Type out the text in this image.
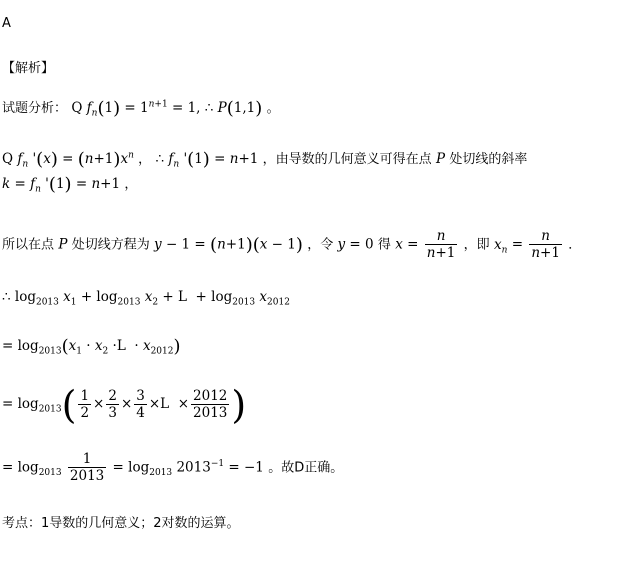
A
【解析】
试题分析： Q $f_n(1) = 1^{n+1} = 1$, ∴ P(1,1) 。
Q $f_n$ '$(x) = (n+1)x^n$ ， ∴ $f_n$ '(1) = n+1 ，由导数的几何意义可得在点 P 处切线的斜率
$k = f_n$ '(1) = n+1 ，
所以在点 P 处切线方程为 y − 1 = (n+1)(x − 1) ，令 y = 0 得 $x = \frac{n}{n+1}$ ，即 $x_n = \frac{n}{n+1}$ ．
∴ $\log_{2013} x_1 + \log_{2013} x_2 + L + \log_{2013} x_{2012}$
= $\log_{2013}(x_1 \cdot x_2 \cdot L \cdot x_{2012})$
= $\log_{2013}( \frac{1}{2} \times \frac{2}{3} \times \frac{3}{4} \times L \times \frac{2012}{2013}$ )
= $\log_{2013} \frac{1}{2013} = \log_{2013} 2013^{-1} = -1$ 。故D正确。
考点：1导数的几何意义；2对数的运算。
